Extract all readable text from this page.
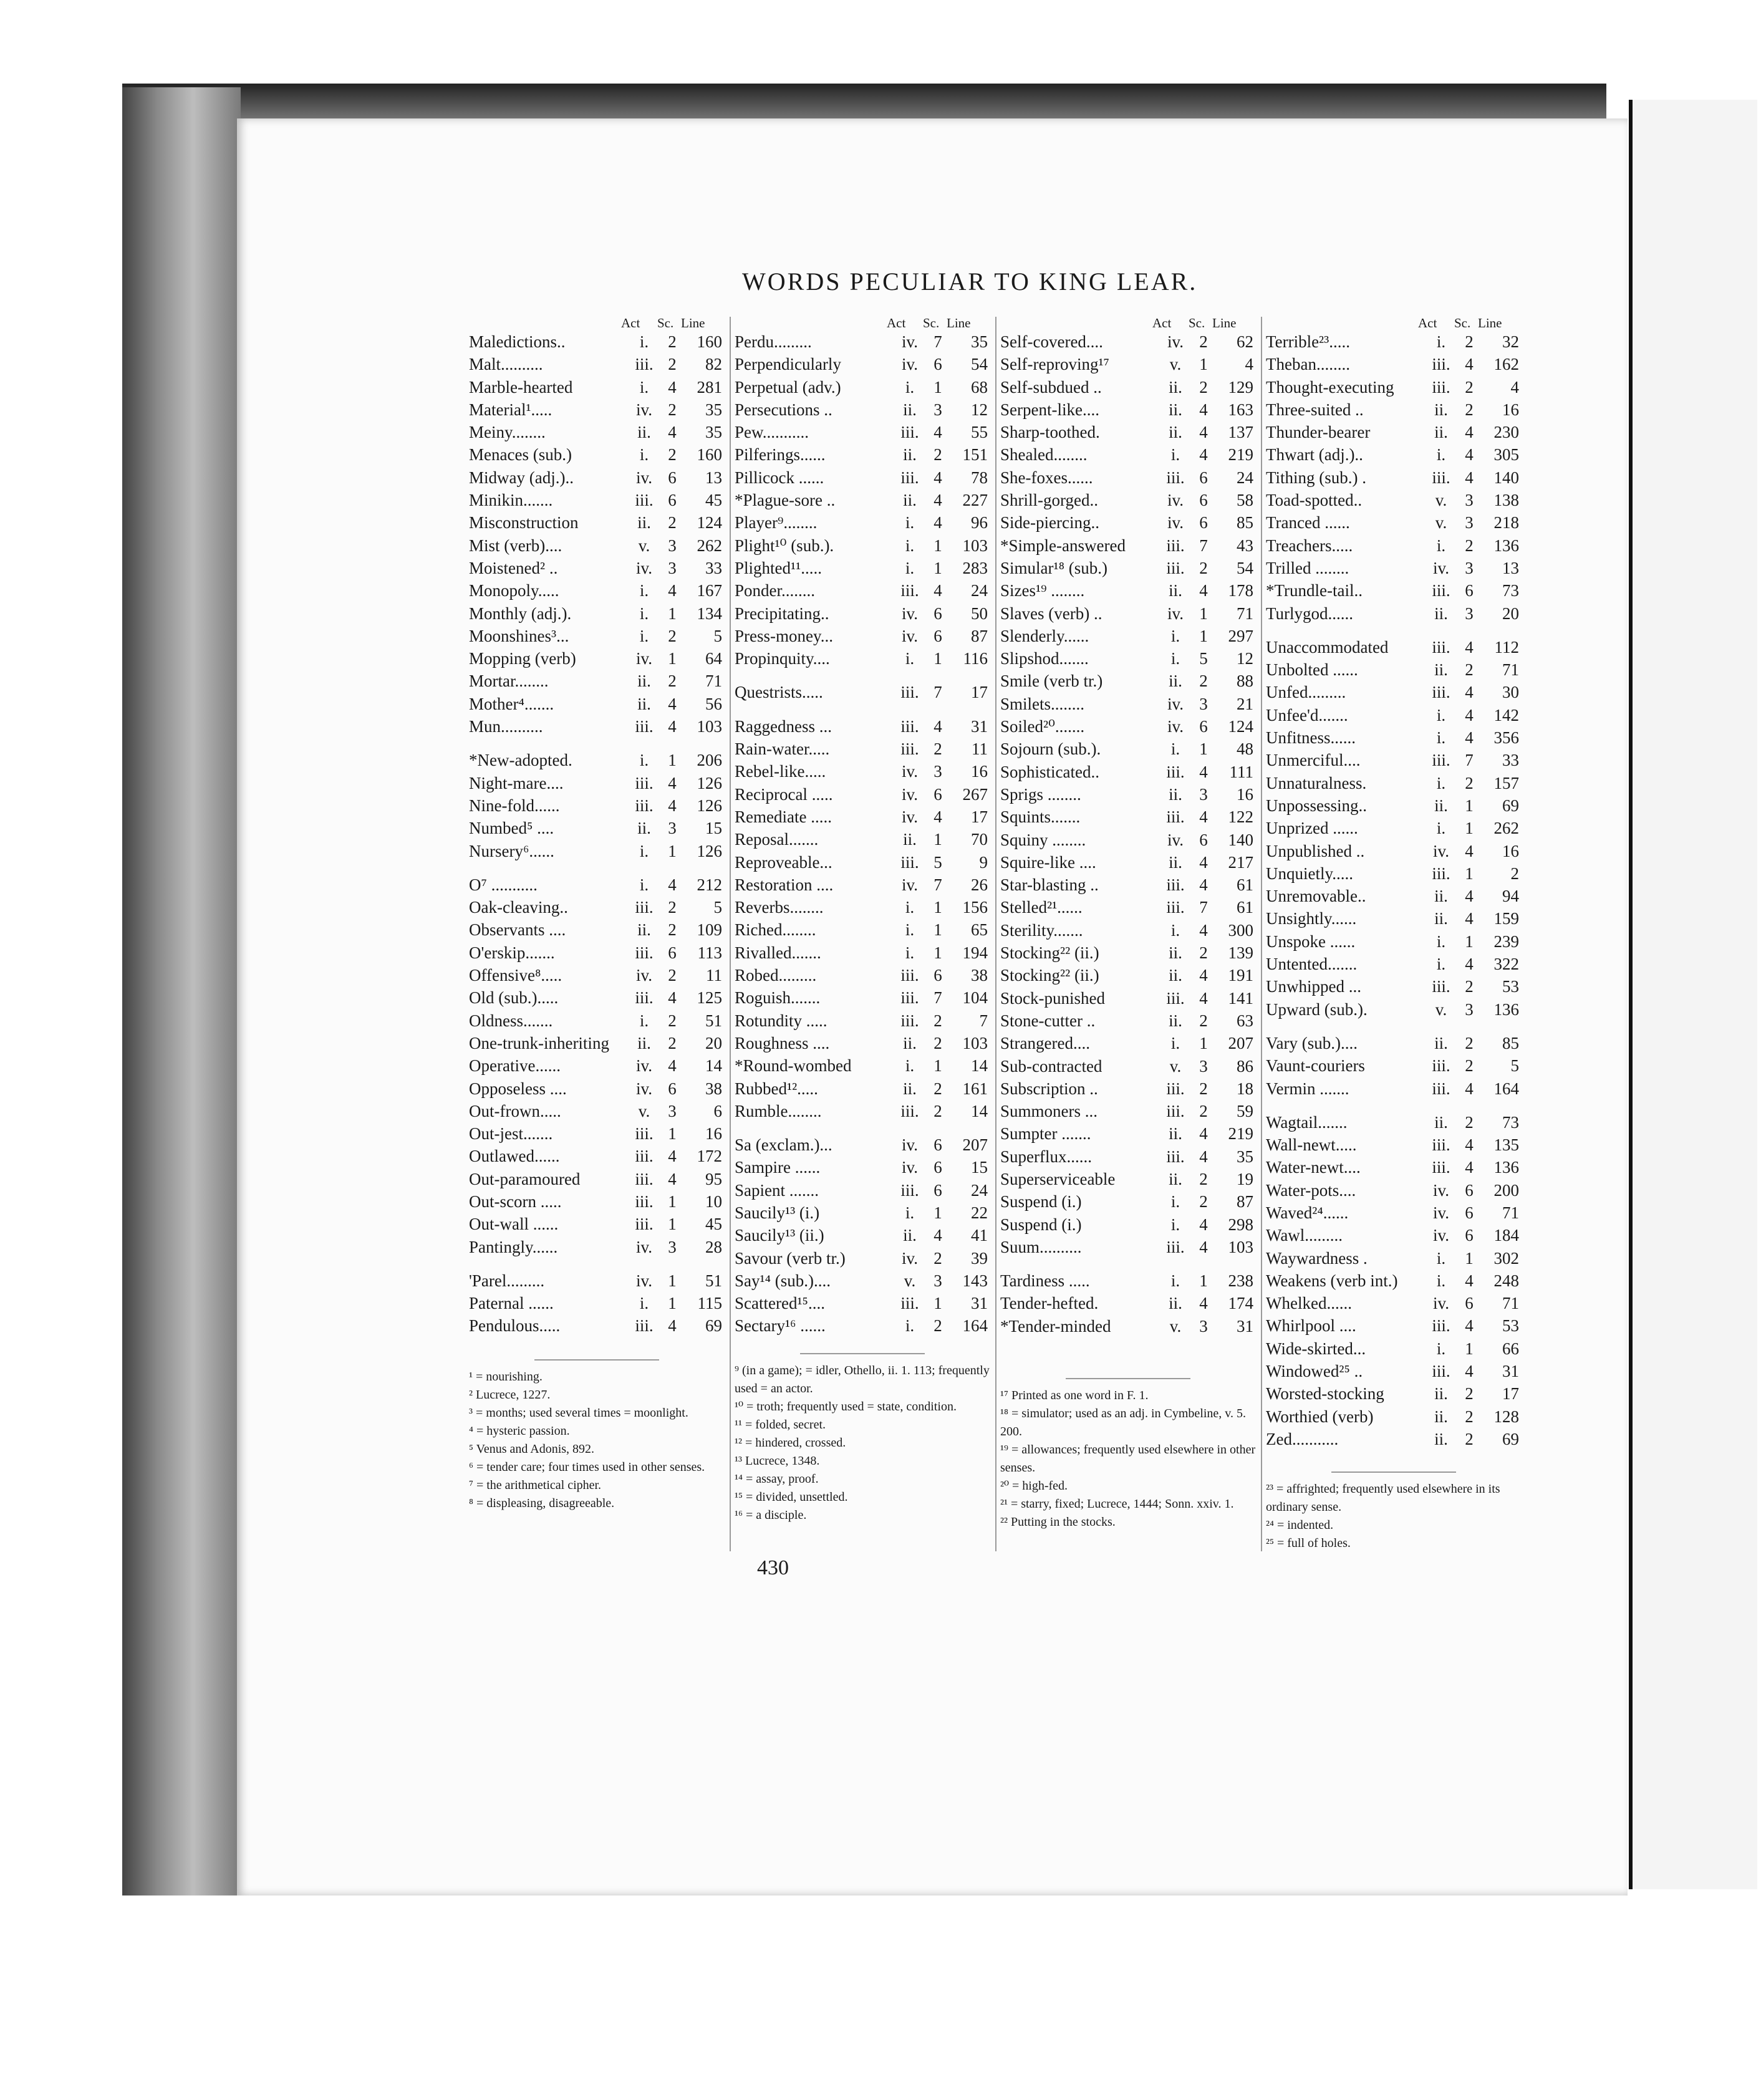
WORDS PECULIAR TO KING LEAR.
Act Sc. Line
Maledictions..	i.	2	160
Malt..........	iii. 2	82
Marble-hearted	i.	4	281
Material¹.....	iv. 2	35
Meiny........	ii.	4	35
Menaces (sub.)	i.	2	160
Midway (adj.)..	iv. 6	13
Minikin.......	iii. 6	45
Misconstruction	ii.	2	124
Mist (verb)....	v.	3	262
Moistened² ..	iv. 3	33
Monopoly.....	i.	4	167
Monthly (adj.).	i.	1	134
Moonshines³...	i.	2	5
Mopping (verb)	iv. 1	64
Mortar........	ii.	2	71
Mother⁴.......	ii.	4	56
Mun..........	iii. 4	103
*New-adopted.	i.	1	206
Night-mare....	iii. 4	126
Nine-fold......	iii. 4	126
Numbed⁵ ....	ii.	3	15
Nursery⁶......	i.	1	126
O⁷ ...........	i.	4	212
Oak-cleaving..	iii. 2	5
Observants ....	ii.	2	109
O'erskip.......	iii. 6	113
Offensive⁸.....	iv. 2	11
Old (sub.).....	iii. 4	125
Oldness.......	i.	2	51
One-trunk-inheriting	ii.	2	20
Operative......	iv. 4	14
Opposeless ....	iv. 6	38
Out-frown.....	v.	3	6
Out-jest.......	iii. 1	16
Outlawed......	iii. 4	172
Out-paramoured	iii. 4	95
Out-scorn .....	iii. 1	10
Out-wall ......	iii. 1	45
Pantingly......	iv. 3	28
'Parel.........	iv. 1	51
Paternal ......	i.	1	115
Pendulous.....	iii. 4	69
Act Sc. Line
Perdu.........	iv. 7	35
Perpendicularly	iv. 6	54
Perpetual (adv.)	i.	1	68
Persecutions ..	ii.	3	12
Pew...........	iii. 4	55
Pilferings......	ii.	2	151
Pillicock ......	iii. 4	78
*Plague-sore ..	ii.	4	227
Player⁹........	i.	4	96
Plight¹⁰ (sub.).	i.	1	103
Plighted¹¹.....	i.	1	283
Ponder........	iii. 4	24
Precipitating..	iv. 6	50
Press-money...	iv. 6	87
Propinquity....	i.	1	116
Questrists.....	iii. 7	17
Raggedness ...	iii. 4	31
Rain-water.....	iii. 2	11
Rebel-like.....	iv. 3	16
Reciprocal .....	iv. 6	267
Remediate .....	iv. 4	17
Reposal.......	ii.	1	70
Reproveable...	iii. 5	9
Restoration ....	iv. 7	26
Reverbs........	i.	1	156
Riched........	i.	1	65
Rivalled.......	i.	1	194
Robed.........	iii. 6	38
Roguish.......	iii. 7	104
Rotundity .....	iii. 2	7
Roughness ....	ii.	2	103
*Round-wombed	i.	1	14
Rubbed¹².....	ii.	2	161
Rumble........	iii. 2	14
Sa (exclam.)...	iv. 6	207
Sampire ......	iv. 6	15
Sapient .......	iii. 6	24
Saucily¹³ (i.)	i.	1	22
Saucily¹³ (ii.)	ii.	4	41
Savour (verb tr.)	iv. 2	39
Say¹⁴ (sub.)....	v.	3	143
Scattered¹⁵....	iii. 1	31
Sectary¹⁶ ......	i.	2	164
Act Sc. Line
Self-covered....	iv. 2	62
Self-reproving¹⁷	v.	1	4
Self-subdued ..	ii.	2	129
Serpent-like....	ii.	4	163
Sharp-toothed.	ii.	4	137
Shealed........	i.	4	219
She-foxes......	iii. 6	24
Shrill-gorged..	iv. 6	58
Side-piercing..	iv. 6	85
*Simple-answered	iii. 7	43
Simular¹⁸ (sub.)	iii. 2	54
Sizes¹⁹ ........	ii.	4	178
Slaves (verb) ..	iv. 1	71
Slenderly......	i.	1	297
Slipshod.......	i.	5	12
Smile (verb tr.)	ii.	2	88
Smilets........	iv. 3	21
Soiled²⁰.......	iv. 6	124
Sojourn (sub.).	i.	1	48
Sophisticated..	iii. 4	111
Sprigs ........	ii.	3	16
Squints.......	iii. 4	122
Squiny ........	iv. 6	140
Squire-like ....	ii.	4	217
Star-blasting ..	iii. 4	61
Stelled²¹......	iii. 7	61
Sterility.......	i.	4	300
Stocking²² (ii.)	ii.	2	139
Stocking²² (ii.)	ii.	4	191
Stock-punished	iii. 4	141
Stone-cutter ..	ii.	2	63
Strangered....	i.	1	207
Sub-contracted	v.	3	86
Subscription ..	iii. 2	18
Summoners ...	iii. 2	59
Sumpter .......	ii.	4	219
Superflux......	iii. 4	35
Superserviceable	ii.	2	19
Suspend (i.)	i.	2	87
Suspend (i.)	i.	4	298
Suum..........	iii. 4	103
Tardiness .....	i.	1	238
Tender-hefted.	ii.	4	174
*Tender-minded	v.	3	31
Act Sc. Line
Terrible²³.....	i.	2	32
Theban........	iii. 4	162
Thought-executing	iii. 2	4
Three-suited ..	ii.	2	16
Thunder-bearer	ii.	4	230
Thwart (adj.)..	i.	4	305
Tithing (sub.) .	iii. 4	140
Toad-spotted..	v.	3	138
Tranced ......	v.	3	218
Treachers.....	i.	2	136
Trilled ........	iv. 3	13
*Trundle-tail..	iii. 6	73
Turlygod......	ii.	3	20
Unaccommodated	iii. 4	112
Unbolted ......	ii.	2	71
Unfed.........	iii. 4	30
Unfee'd.......	i.	4	142
Unfitness......	i.	4	356
Unmerciful....	iii. 7	33
Unnaturalness.	i.	2	157
Unpossessing..	ii.	1	69
Unprized ......	i.	1	262
Unpublished ..	iv. 4	16
Unquietly.....	iii. 1	2
Unremovable..	ii.	4	94
Unsightly......	ii.	4	159
Unspoke ......	i.	1	239
Untented.......	i.	4	322
Unwhipped ...	iii. 2	53
Upward (sub.).	v.	3	136
Vary (sub.)....	ii.	2	85
Vaunt-couriers	iii. 2	5
Vermin .......	iii. 4	164
Wagtail.......	ii.	2	73
Wall-newt.....	iii. 4	135
Water-newt....	iii. 4	136
Water-pots....	iv. 6	200
Waved²⁴......	iv. 6	71
Wawl.........	iv. 6	184
Waywardness .	i.	1	302
Weakens (verb int.)	i.	4	248
Whelked......	iv. 6	71
Whirlpool ....	iii. 4	53
Wide-skirted...	i.	1	66
Windowed²⁵ ..	iii. 4	31
Worsted-stocking	ii.	2	17
Worthied (verb)	ii.	2	128
Zed...........	ii.	2	69
¹ = nourishing.
² Lucrece, 1227.
³ = months; used several times = moonlight.
⁴ = hysteric passion.
⁵ Venus and Adonis, 892.
⁶ = tender care; four times used in other senses.
⁷ = the arithmetical cipher.
⁸ = displeasing, disagreeable.
⁹ (in a game); = idler, Othello, ii. 1. 113; frequently used = an actor.
¹⁰ = troth; frequently used = state, condition.
¹¹ = folded, secret.
¹² = hindered, crossed.
¹³ Lucrece, 1348.
¹⁴ = assay, proof.
¹⁵ = divided, unsettled.
¹⁶ = a disciple.
¹⁷ Printed as one word in F. 1.
¹⁸ = simulator; used as an adj. in Cymbeline, v. 5. 200.
¹⁹ = allowances; frequently used elsewhere in other senses.
²⁰ = high-fed.
²¹ = starry, fixed; Lucrece, 1444; Sonn. xxiv. 1.
²² Putting in the stocks.
²³ = affrighted; frequently used elsewhere in its ordinary sense.
²⁴ = indented.
²⁵ = full of holes.
430
